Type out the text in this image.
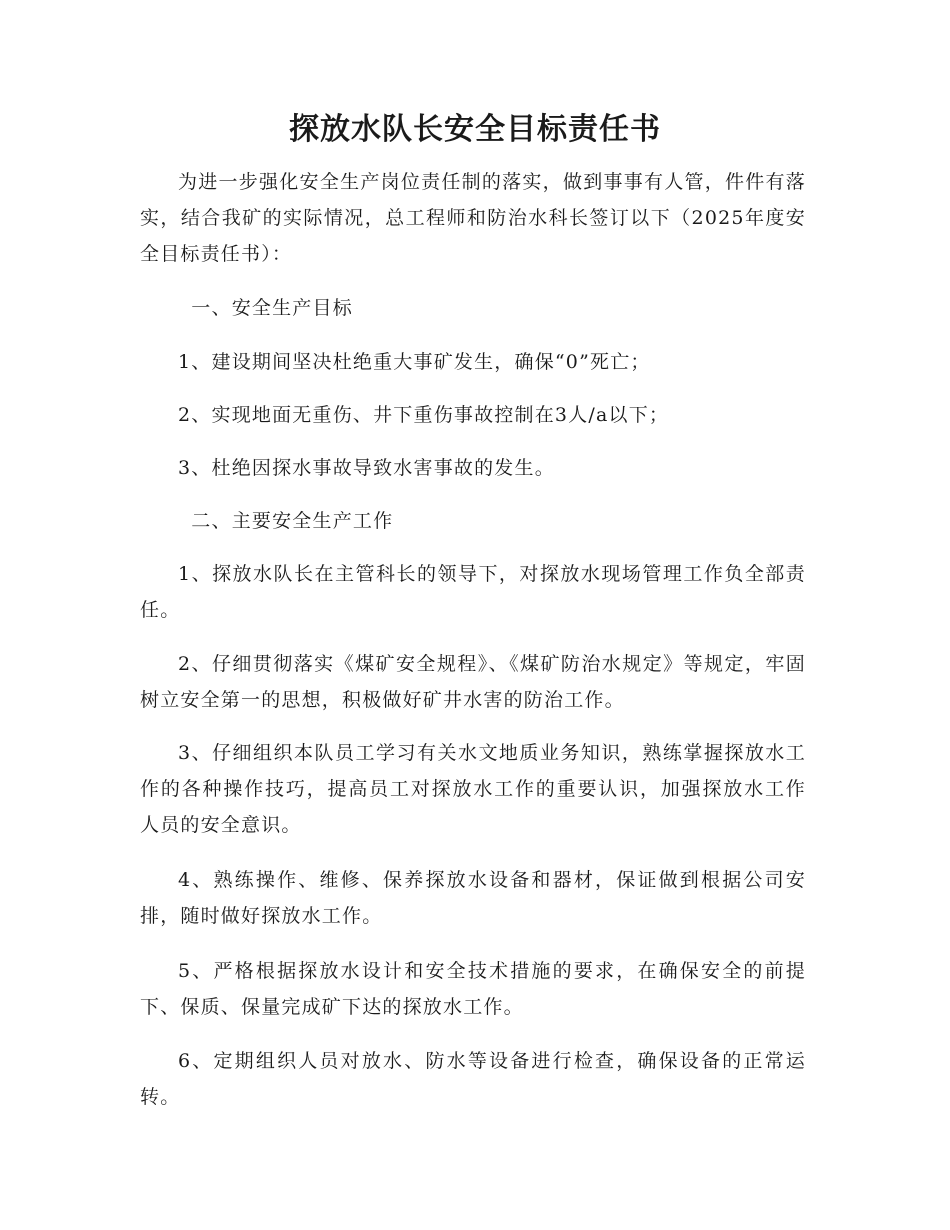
探放水队长安全目标责任书

为进一步强化安全生产岗位责任制的落实，做到事事有人管，件件有落实，结合我矿的实际情况，总工程师和防治水科长签订以下（2025年度安全目标责任书）：

一、安全生产目标

1、建设期间坚决杜绝重大事矿发生，确保“0”死亡；

2、实现地面无重伤、井下重伤事故控制在3人/a以下；

3、杜绝因探水事故导致水害事故的发生。

二、主要安全生产工作

1、探放水队长在主管科长的领导下，对探放水现场管理工作负全部责任。

2、仔细贯彻落实《煤矿安全规程》、《煤矿防治水规定》等规定，牢固树立安全第一的思想，积极做好矿井水害的防治工作。

3、仔细组织本队员工学习有关水文地质业务知识，熟练掌握探放水工作的各种操作技巧，提高员工对探放水工作的重要认识，加强探放水工作人员的安全意识。

4、熟练操作、维修、保养探放水设备和器材，保证做到根据公司安排，随时做好探放水工作。

5、严格根据探放水设计和安全技术措施的要求，在确保安全的前提下、保质、保量完成矿下达的探放水工作。

6、定期组织人员对放水、防水等设备进行检查，确保设备的正常运转。
